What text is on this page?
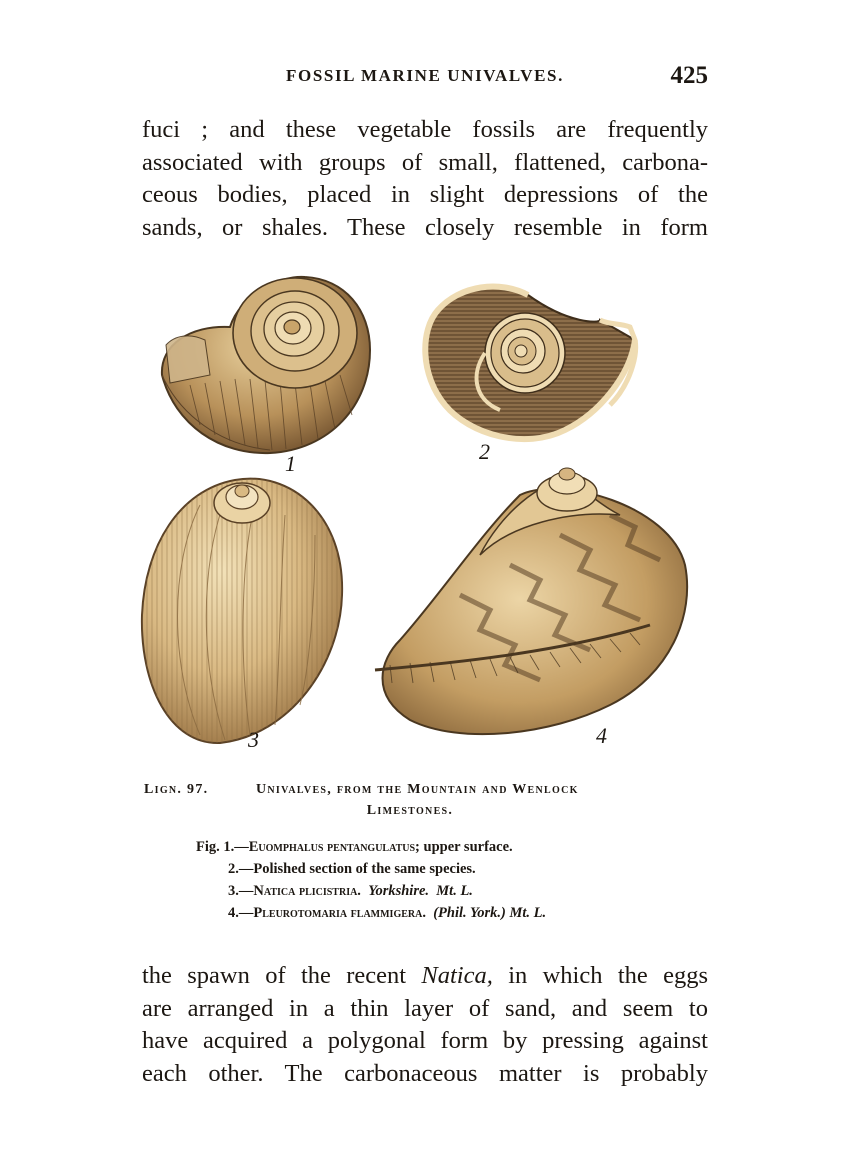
FOSSIL MARINE UNIVALVES.	425

fuci ; and these vegetable fossils are frequently
associated with groups of small, flattened, carbona-
ceous bodies, placed in slight depressions of the
sands, or shales. These closely resemble in form

1	2
3	4
Lign. 97.	Univalves, from the Mountain and Wenlock
Limestones.
Fig. 1.—Euomphalus pentangulatus; upper surface.
2.—Polished section of the same species.
3.—Natica plicistria. Yorkshire. Mt. L.
4.—Pleurotomaria flammigera. (Phil. York.) Mt. L.

the spawn of the recent Natica, in which the eggs
are arranged in a thin layer of sand, and seem to
have acquired a polygonal form by pressing against
each other. The carbonaceous matter is probably
